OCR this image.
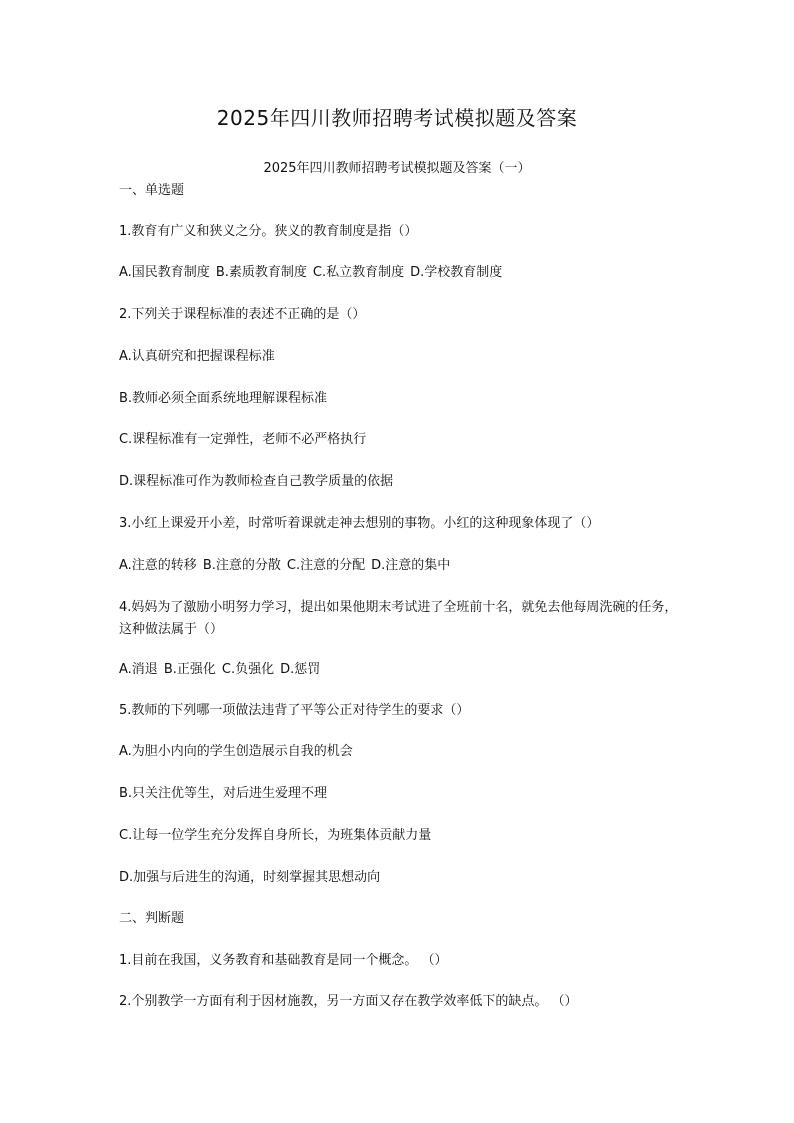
2025年四川教师招聘考试模拟题及答案
2025年四川教师招聘考试模拟题及答案（一）
一、单选题
1.教育有广义和狭义之分。狭义的教育制度是指（）
A.国民教育制度 B.素质教育制度 C.私立教育制度 D.学校教育制度
2.下列关于课程标准的表述不正确的是（）
A.认真研究和把握课程标准
B.教师必须全面系统地理解课程标准
C.课程标准有一定弹性，老师不必严格执行
D.课程标准可作为教师检查自己教学质量的依据
3.小红上课爱开小差，时常听着课就走神去想别的事物。小红的这种现象体现了（）
A.注意的转移 B.注意的分散 C.注意的分配 D.注意的集中
4.妈妈为了激励小明努力学习，提出如果他期末考试进了全班前十名，就免去他每周洗碗的任务，这种做法属于（）
A.消退 B.正强化 C.负强化 D.惩罚
5.教师的下列哪一项做法违背了平等公正对待学生的要求（）
A.为胆小内向的学生创造展示自我的机会
B.只关注优等生，对后进生爱理不理
C.让每一位学生充分发挥自身所长，为班集体贡献力量
D.加强与后进生的沟通，时刻掌握其思想动向
二、判断题
1.目前在我国，义务教育和基础教育是同一个概念。 （）
2.个别教学一方面有利于因材施教，另一方面又存在教学效率低下的缺点。 （）
